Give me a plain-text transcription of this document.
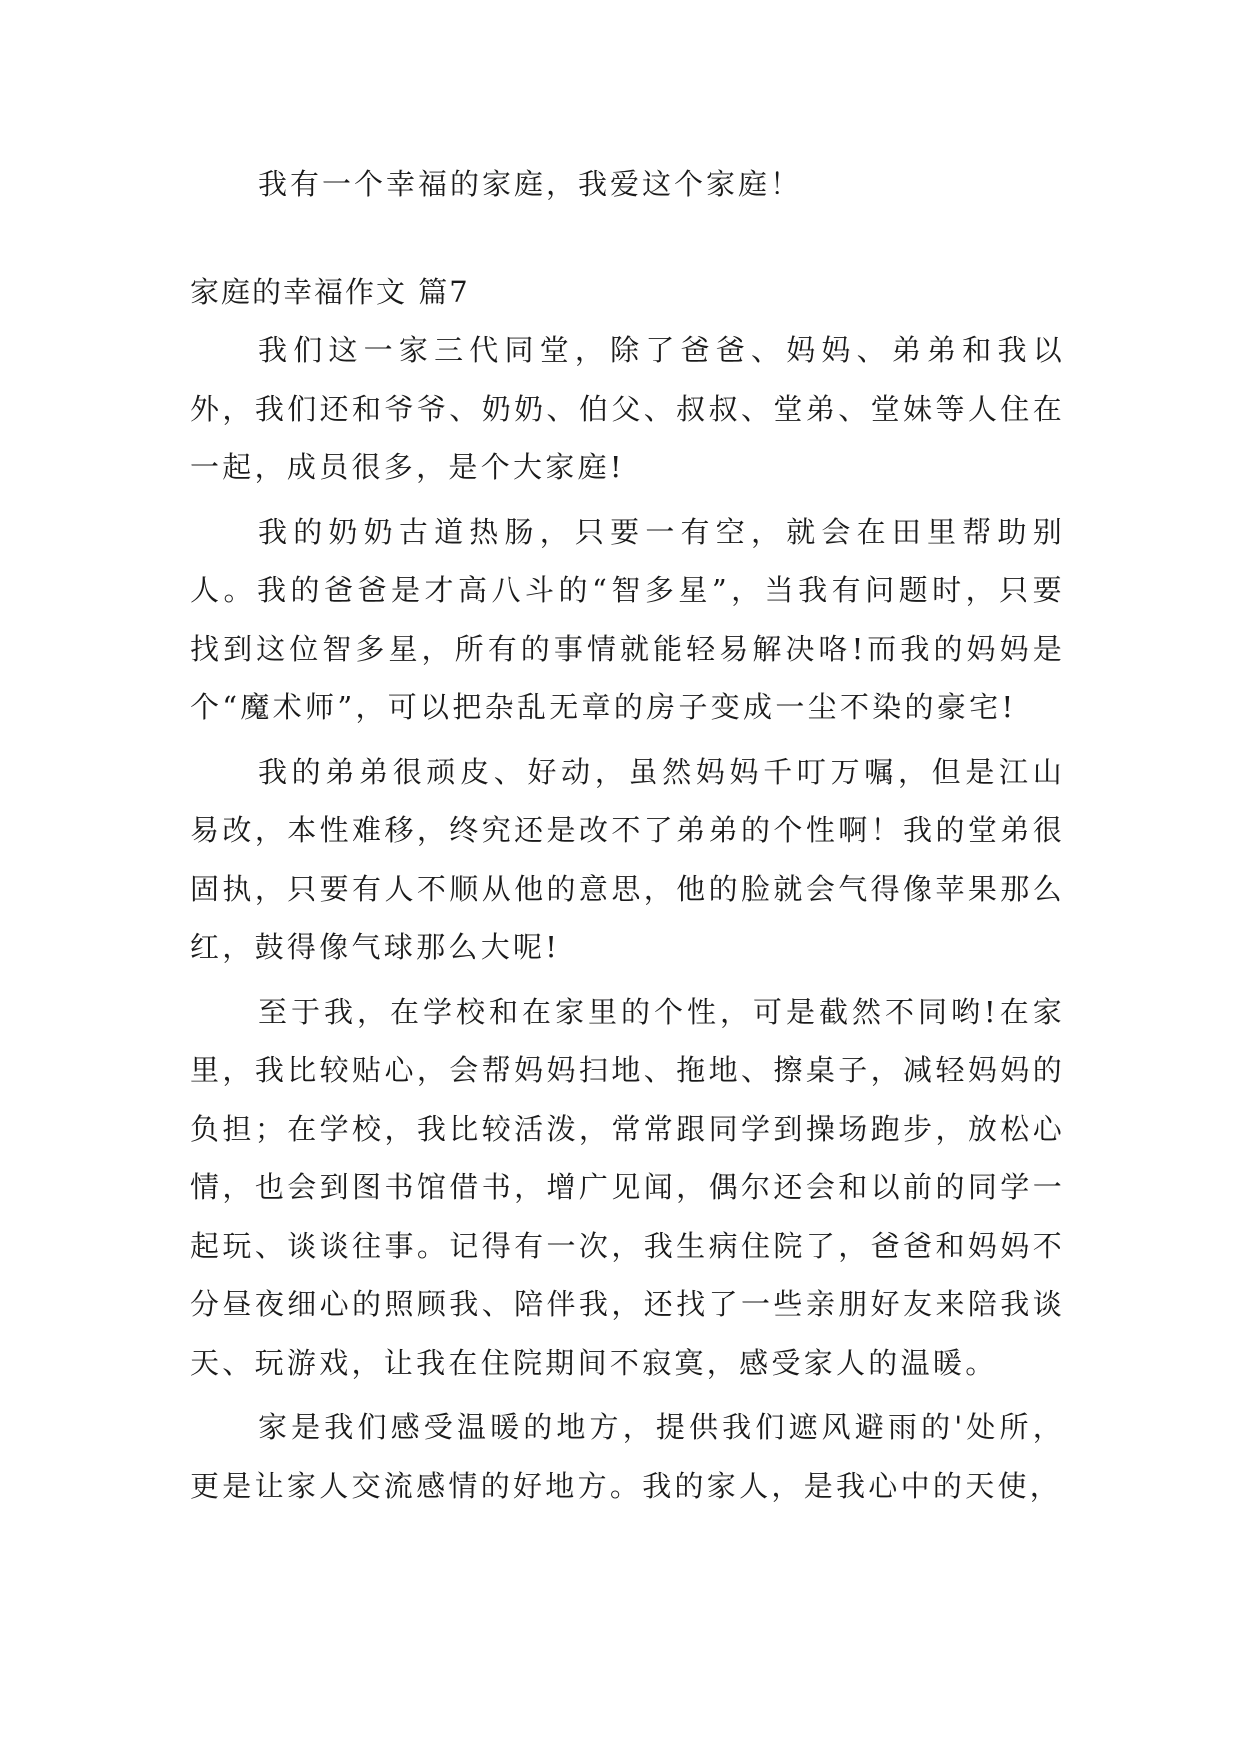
我有一个幸福的家庭，我爱这个家庭！

家庭的幸福作文 篇7

我们这一家三代同堂，除了爸爸、妈妈、弟弟和我以外，我们还和爷爷、奶奶、伯父、叔叔、堂弟、堂妹等人住在一起，成员很多，是个大家庭!

我的奶奶古道热肠，只要一有空，就会在田里帮助别人。我的爸爸是才高八斗的“智多星”，当我有问题时，只要找到这位智多星，所有的事情就能轻易解决咯!而我的妈妈是个“魔术师”，可以把杂乱无章的房子变成一尘不染的豪宅!

我的弟弟很顽皮、好动，虽然妈妈千叮万嘱，但是江山易改，本性难移，终究还是改不了弟弟的个性啊！我的堂弟很固执，只要有人不顺从他的意思，他的脸就会气得像苹果那么红，鼓得像气球那么大呢!

至于我，在学校和在家里的个性，可是截然不同哟!在家里，我比较贴心，会帮妈妈扫地、拖地、擦桌子，减轻妈妈的负担；在学校，我比较活泼，常常跟同学到操场跑步，放松心情，也会到图书馆借书，增广见闻，偶尔还会和以前的同学一起玩、谈谈往事。记得有一次，我生病住院了，爸爸和妈妈不分昼夜细心的照顾我、陪伴我，还找了一些亲朋好友来陪我谈天、玩游戏，让我在住院期间不寂寞，感受家人的温暖。

家是我们感受温暖的地方，提供我们遮风避雨的'处所，更是让家人交流感情的好地方。我的家人，是我心中的天使，
